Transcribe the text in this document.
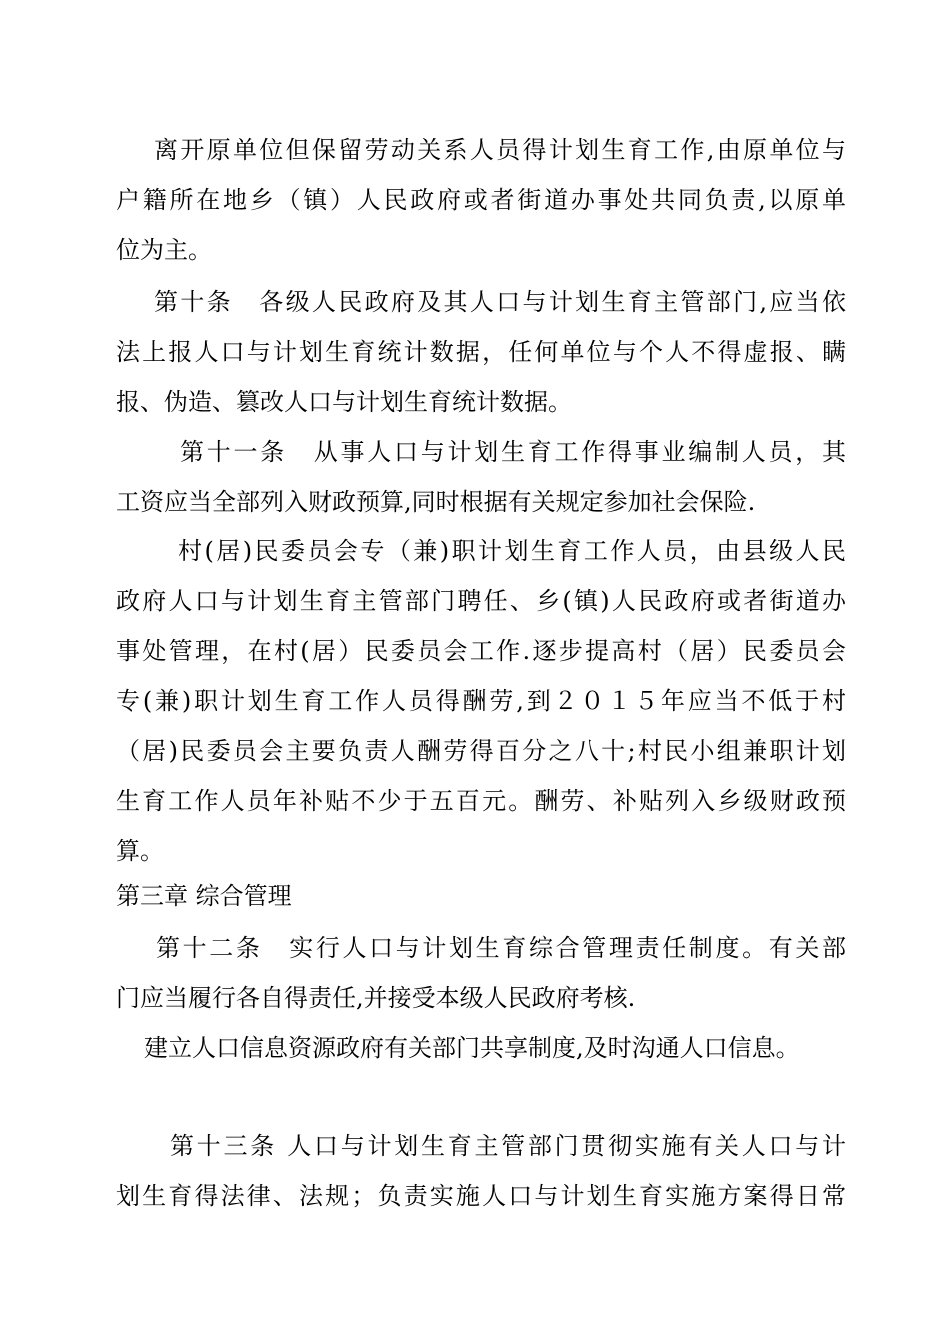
离开原单位但保留劳动关系人员得计划生育工作,由原单位与
户籍所在地乡（镇）人民政府或者街道办事处共同负责,以原单
位为主。
第十条　各级人民政府及其人口与计划生育主管部门,应当依
法上报人口与计划生育统计数据，任何单位与个人不得虚报、瞒
报、伪造、篡改人口与计划生育统计数据。
第十一条　从事人口与计划生育工作得事业编制人员，其
工资应当全部列入财政预算,同时根据有关规定参加社会保险.
村(居)民委员会专（兼)职计划生育工作人员，由县级人民
政府人口与计划生育主管部门聘任、乡(镇)人民政府或者街道办
事处管理，在村(居）民委员会工作.逐步提高村（居）民委员会
专(兼)职计划生育工作人员得酬劳,到２０１５年应当不低于村
（居)民委员会主要负责人酬劳得百分之八十;村民小组兼职计划
生育工作人员年补贴不少于五百元。酬劳、补贴列入乡级财政预
算。
第三章 综合管理
第十二条　实行人口与计划生育综合管理责任制度。有关部
门应当履行各自得责任,并接受本级人民政府考核.
建立人口信息资源政府有关部门共享制度,及时沟通人口信息。
第十三条 人口与计划生育主管部门贯彻实施有关人口与计
划生育得法律、法规；负责实施人口与计划生育实施方案得日常
